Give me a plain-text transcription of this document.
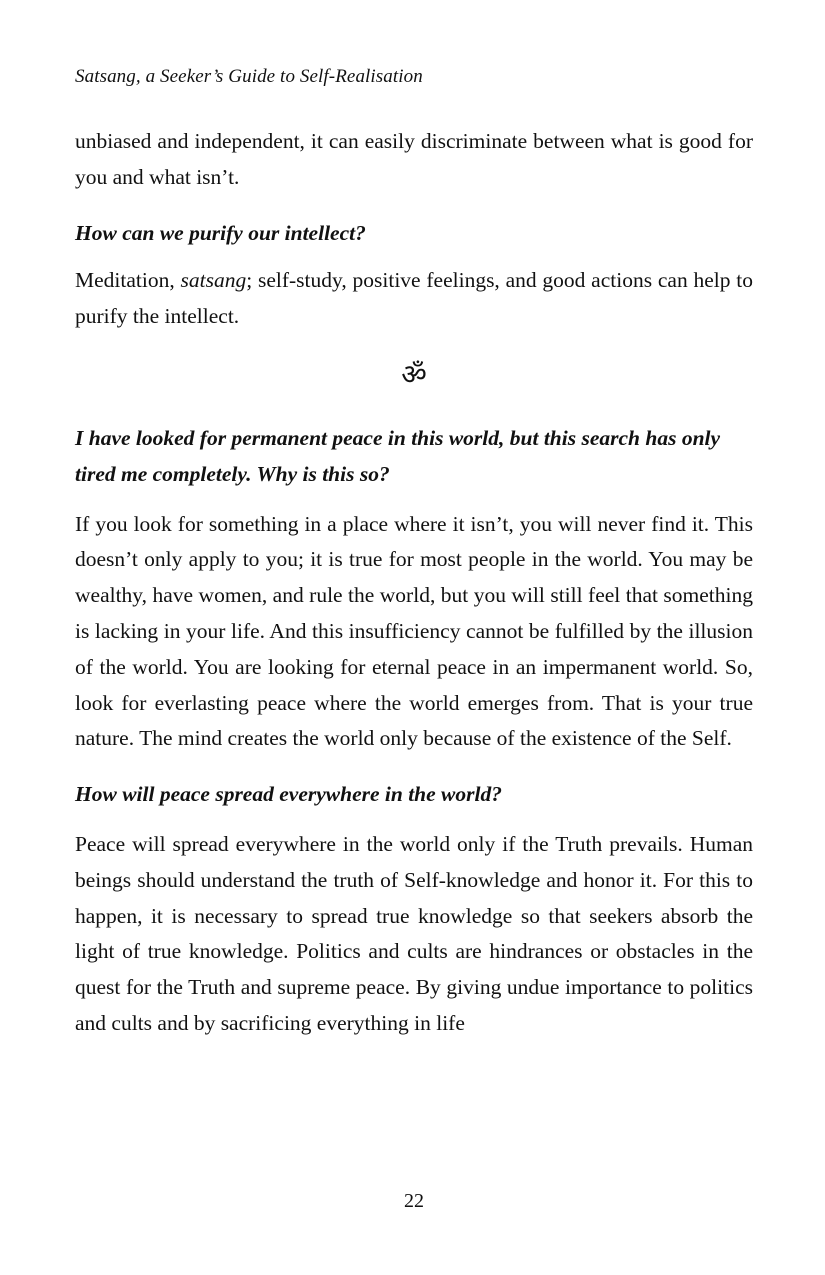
Satsang, a Seeker’s Guide to Self-Realisation

unbiased and independent, it can easily discriminate between what is good for you and what isn’t.

How can we purify our intellect?

Meditation, satsang; self-study, positive feelings, and good actions can help to purify the intellect.

ॐ

I have looked for permanent peace in this world, but this search has only tired me completely. Why is this so?

If you look for something in a place where it isn’t, you will never find it. This doesn’t only apply to you; it is true for most people in the world. You may be wealthy, have women, and rule the world, but you will still feel that something is lacking in your life. And this insufficiency cannot be fulfilled by the illusion of the world. You are looking for eternal peace in an impermanent world. So, look for everlasting peace where the world emerges from. That is your true nature. The mind creates the world only because of the existence of the Self.

How will peace spread everywhere in the world?

Peace will spread everywhere in the world only if the Truth prevails. Human beings should understand the truth of Self-knowledge and honor it. For this to happen, it is necessary to spread true knowledge so that seekers absorb the light of true knowledge. Politics and cults are hindrances or obstacles in the quest for the Truth and supreme peace. By giving undue importance to politics and cults and by sacrificing everything in life

22
